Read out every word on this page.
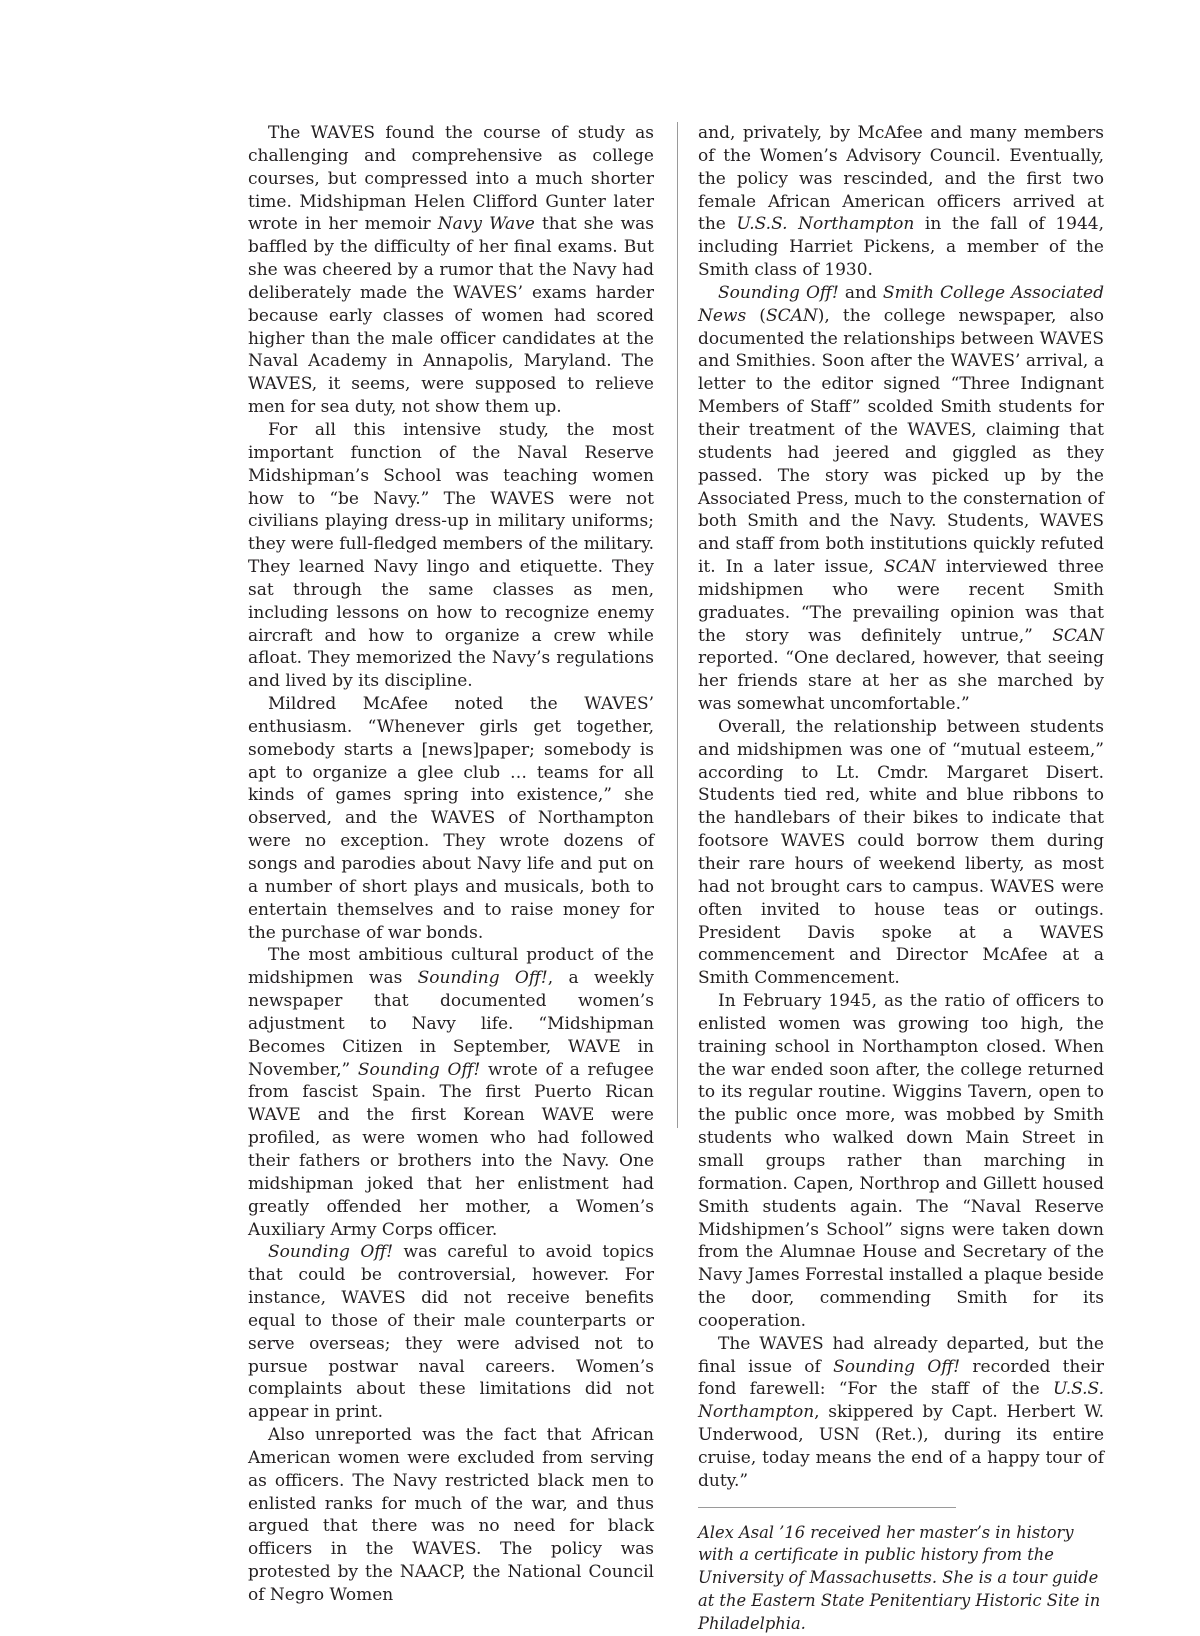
The WAVES found the course of study as challenging and comprehensive as college courses, but compressed into a much shorter time. Midshipman Helen Clifford Gunter later wrote in her memoir Navy Wave that she was baffled by the difficulty of her final exams. But she was cheered by a rumor that the Navy had deliberately made the WAVES’ exams harder because early classes of women had scored higher than the male officer candidates at the Naval Academy in Annapolis, Maryland. The WAVES, it seems, were supposed to relieve men for sea duty, not show them up.

For all this intensive study, the most important function of the Naval Reserve Midshipman’s School was teaching women how to “be Navy.” The WAVES were not civilians playing dress-up in military uniforms; they were full-fledged members of the military. They learned Navy lingo and etiquette. They sat through the same classes as men, including lessons on how to recognize enemy aircraft and how to organize a crew while afloat. They memorized the Navy’s regulations and lived by its discipline.

Mildred McAfee noted the WAVES’ enthusiasm. “Whenever girls get together, somebody starts a [news]paper; somebody is apt to organize a glee club … teams for all kinds of games spring into existence,” she observed, and the WAVES of Northampton were no exception. They wrote dozens of songs and parodies about Navy life and put on a number of short plays and musicals, both to entertain themselves and to raise money for the purchase of war bonds.

The most ambitious cultural product of the midshipmen was Sounding Off!, a weekly newspaper that documented women’s adjustment to Navy life. “Midshipman Becomes Citizen in September, WAVE in November,” Sounding Off! wrote of a refugee from fascist Spain. The first Puerto Rican WAVE and the first Korean WAVE were profiled, as were women who had followed their fathers or brothers into the Navy. One midshipman joked that her enlistment had greatly offended her mother, a Women’s Auxiliary Army Corps officer.

Sounding Off! was careful to avoid topics that could be controversial, however. For instance, WAVES did not receive benefits equal to those of their male counterparts or serve overseas; they were advised not to pursue postwar naval careers. Women’s complaints about these limitations did not appear in print.

Also unreported was the fact that African American women were excluded from serving as officers. The Navy restricted black men to enlisted ranks for much of the war, and thus argued that there was no need for black officers in the WAVES. The policy was protested by the NAACP, the National Council of Negro Women

and, privately, by McAfee and many members of the Women’s Advisory Council. Eventually, the policy was rescinded, and the first two female African American officers arrived at the U.S.S. Northampton in the fall of 1944, including Harriet Pickens, a member of the Smith class of 1930.

Sounding Off! and Smith College Associated News (SCAN), the college newspaper, also documented the relationships between WAVES and Smithies. Soon after the WAVES’ arrival, a letter to the editor signed “Three Indignant Members of Staff” scolded Smith students for their treatment of the WAVES, claiming that students had jeered and giggled as they passed. The story was picked up by the Associated Press, much to the consternation of both Smith and the Navy. Students, WAVES and staff from both institutions quickly refuted it. In a later issue, SCAN interviewed three midshipmen who were recent Smith graduates. “The prevailing opinion was that the story was definitely untrue,” SCAN reported. “One declared, however, that seeing her friends stare at her as she marched by was somewhat uncomfortable.”

Overall, the relationship between students and midshipmen was one of “mutual esteem,” according to Lt. Cmdr. Margaret Disert. Students tied red, white and blue ribbons to the handlebars of their bikes to indicate that footsore WAVES could borrow them during their rare hours of weekend liberty, as most had not brought cars to campus. WAVES were often invited to house teas or outings. President Davis spoke at a WAVES commencement and Director McAfee at a Smith Commencement.

In February 1945, as the ratio of officers to enlisted women was growing too high, the training school in Northampton closed. When the war ended soon after, the college returned to its regular routine. Wiggins Tavern, open to the public once more, was mobbed by Smith students who walked down Main Street in small groups rather than marching in formation. Capen, Northrop and Gillett housed Smith students again. The “Naval Reserve Midshipmen’s School” signs were taken down from the Alumnae House and Secretary of the Navy James Forrestal installed a plaque beside the door, commending Smith for its cooperation.

The WAVES had already departed, but the final issue of Sounding Off! recorded their fond farewell: “For the staff of the U.S.S. Northampton, skippered by Capt. Herbert W. Underwood, USN (Ret.), during its entire cruise, today means the end of a happy tour of duty.”

Alex Asal ’16 received her master’s in history with a certificate in public history from the University of Massachusetts. She is a tour guide at the Eastern State Penitentiary Historic Site in Philadelphia.
